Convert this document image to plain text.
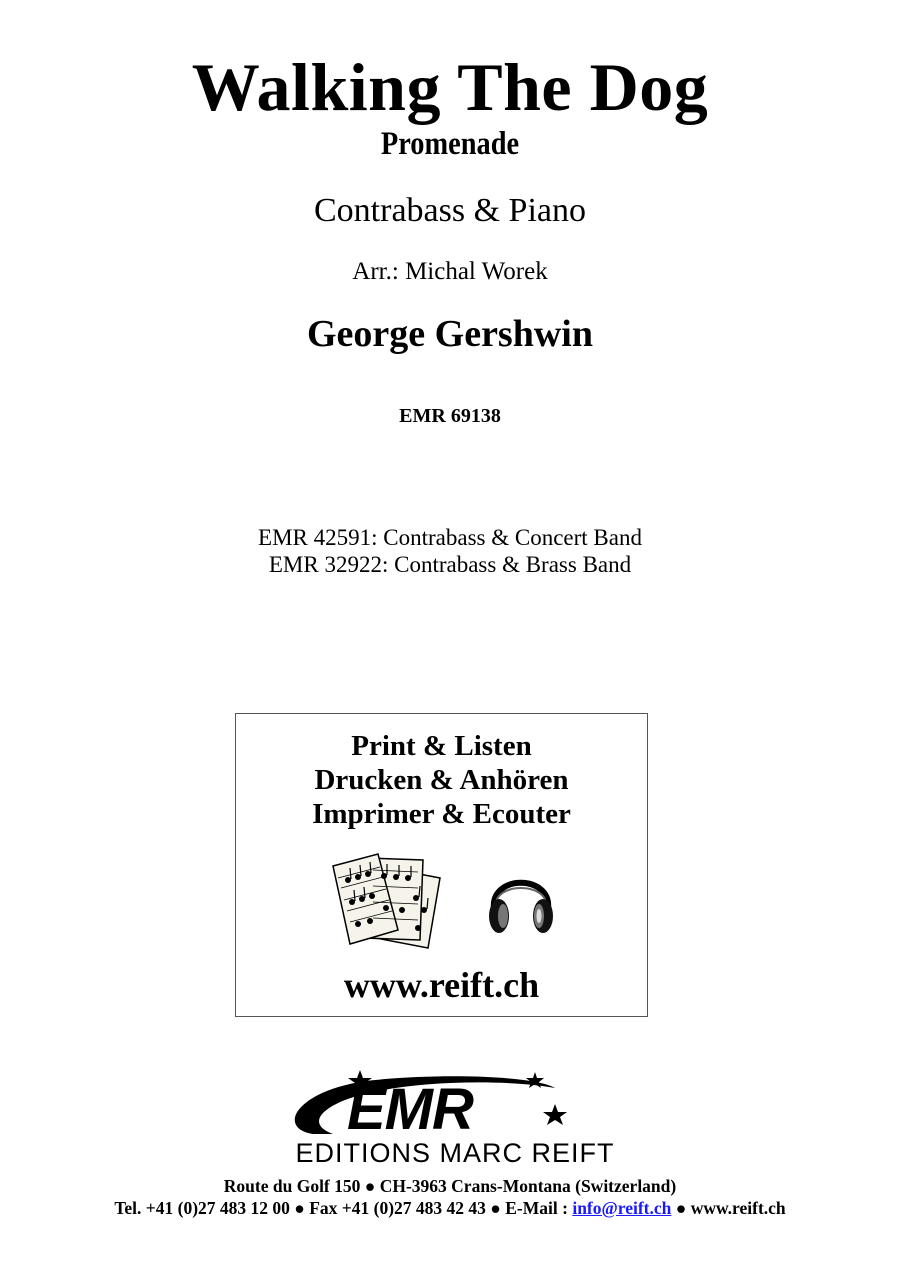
Walking The Dog
Promenade
Contrabass & Piano
Arr.: Michal Worek
George Gershwin
EMR 69138
EMR 42591: Contrabass & Concert Band
EMR 32922: Contrabass & Brass Band
Print & Listen
Drucken & Anhören
Imprimer & Ecouter
www.reift.ch
EMR
EDITIONS MARC REIFT
Route du Golf 150 ● CH-3963 Crans-Montana (Switzerland)
Tel. +41 (0)27 483 12 00 ● Fax +41 (0)27 483 42 43 ● E-Mail : info@reift.ch ● www.reift.ch
